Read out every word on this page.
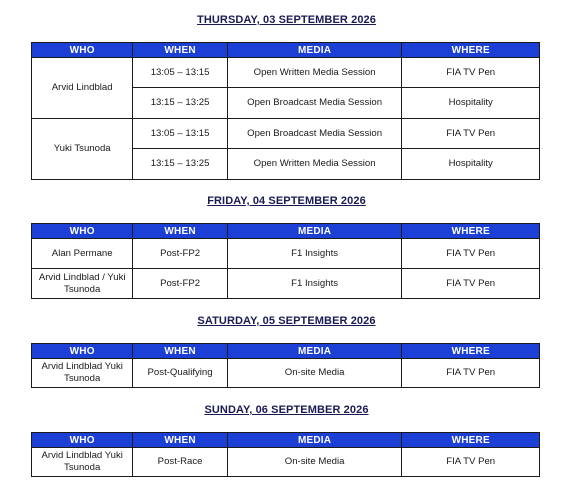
THURSDAY, 03 SEPTEMBER 2026
WHO	WHEN	MEDIA	WHERE
Arvid Lindblad	13:05 – 13:15	Open Written Media Session	FIA TV Pen
	13:15 – 13:25	Open Broadcast Media Session	Hospitality
Yuki Tsunoda	13:05 – 13:15	Open Broadcast Media Session	FIA TV Pen
	13:15 – 13:25	Open Written Media Session	Hospitality
FRIDAY, 04 SEPTEMBER 2026
WHO	WHEN	MEDIA	WHERE
Alan Permane	Post-FP2	F1 Insights	FIA TV Pen
Arvid Lindblad / Yuki Tsunoda	Post-FP2	F1 Insights	FIA TV Pen
SATURDAY, 05 SEPTEMBER 2026
WHO	WHEN	MEDIA	WHERE
Arvid Lindblad Yuki Tsunoda	Post-Qualifying	On-site Media	FIA TV Pen
SUNDAY, 06 SEPTEMBER 2026
WHO	WHEN	MEDIA	WHERE
Arvid Lindblad Yuki Tsunoda	Post-Race	On-site Media	FIA TV Pen
